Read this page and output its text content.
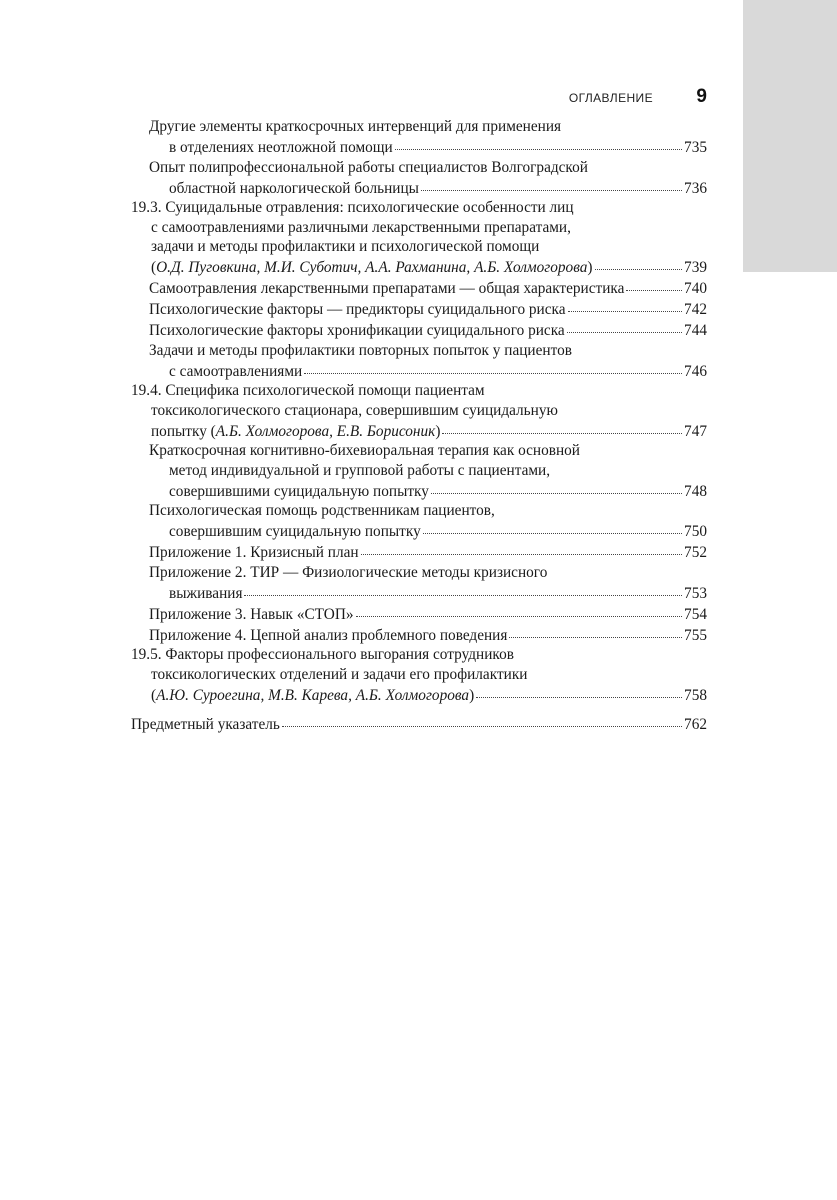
ОГЛАВЛЕНИЕ 9
Другие элементы краткосрочных интервенций для применения
в отделениях неотложной помощи	735
Опыт полипрофессиональной работы специалистов Волгоградской
областной наркологической больницы	736
19.3. Суицидальные отравления: психологические особенности лиц
с самоотравлениями различными лекарственными препаратами,
задачи и методы профилактики и психологической помощи
(О.Д. Пуговкина, М.И. Суботич, А.А. Рахманина, А.Б. Холмогорова)	739
Самоотравления лекарственными препаратами — общая характеристика	740
Психологические факторы — предикторы суицидального риска	742
Психологические факторы хронификации суицидального риска	744
Задачи и методы профилактики повторных попыток у пациентов
с самоотравлениями	746
19.4. Специфика психологической помощи пациентам
токсикологического стационара, совершившим суицидальную
попытку (А.Б. Холмогорова, Е.В. Борисоник)	747
Краткосрочная когнитивно-бихевиоральная терапия как основной
метод индивидуальной и групповой работы с пациентами,
совершившими суицидальную попытку	748
Психологическая помощь родственникам пациентов,
совершившим суицидальную попытку	750
Приложение 1. Кризисный план	752
Приложение 2. ТИР — Физиологические методы кризисного
выживания	753
Приложение 3. Навык «СТОП»	754
Приложение 4. Цепной анализ проблемного поведения	755
19.5. Факторы профессионального выгорания сотрудников
токсикологических отделений и задачи его профилактики
(А.Ю. Суроегина, М.В. Карева, А.Б. Холмогорова)	758
Предметный указатель	762
